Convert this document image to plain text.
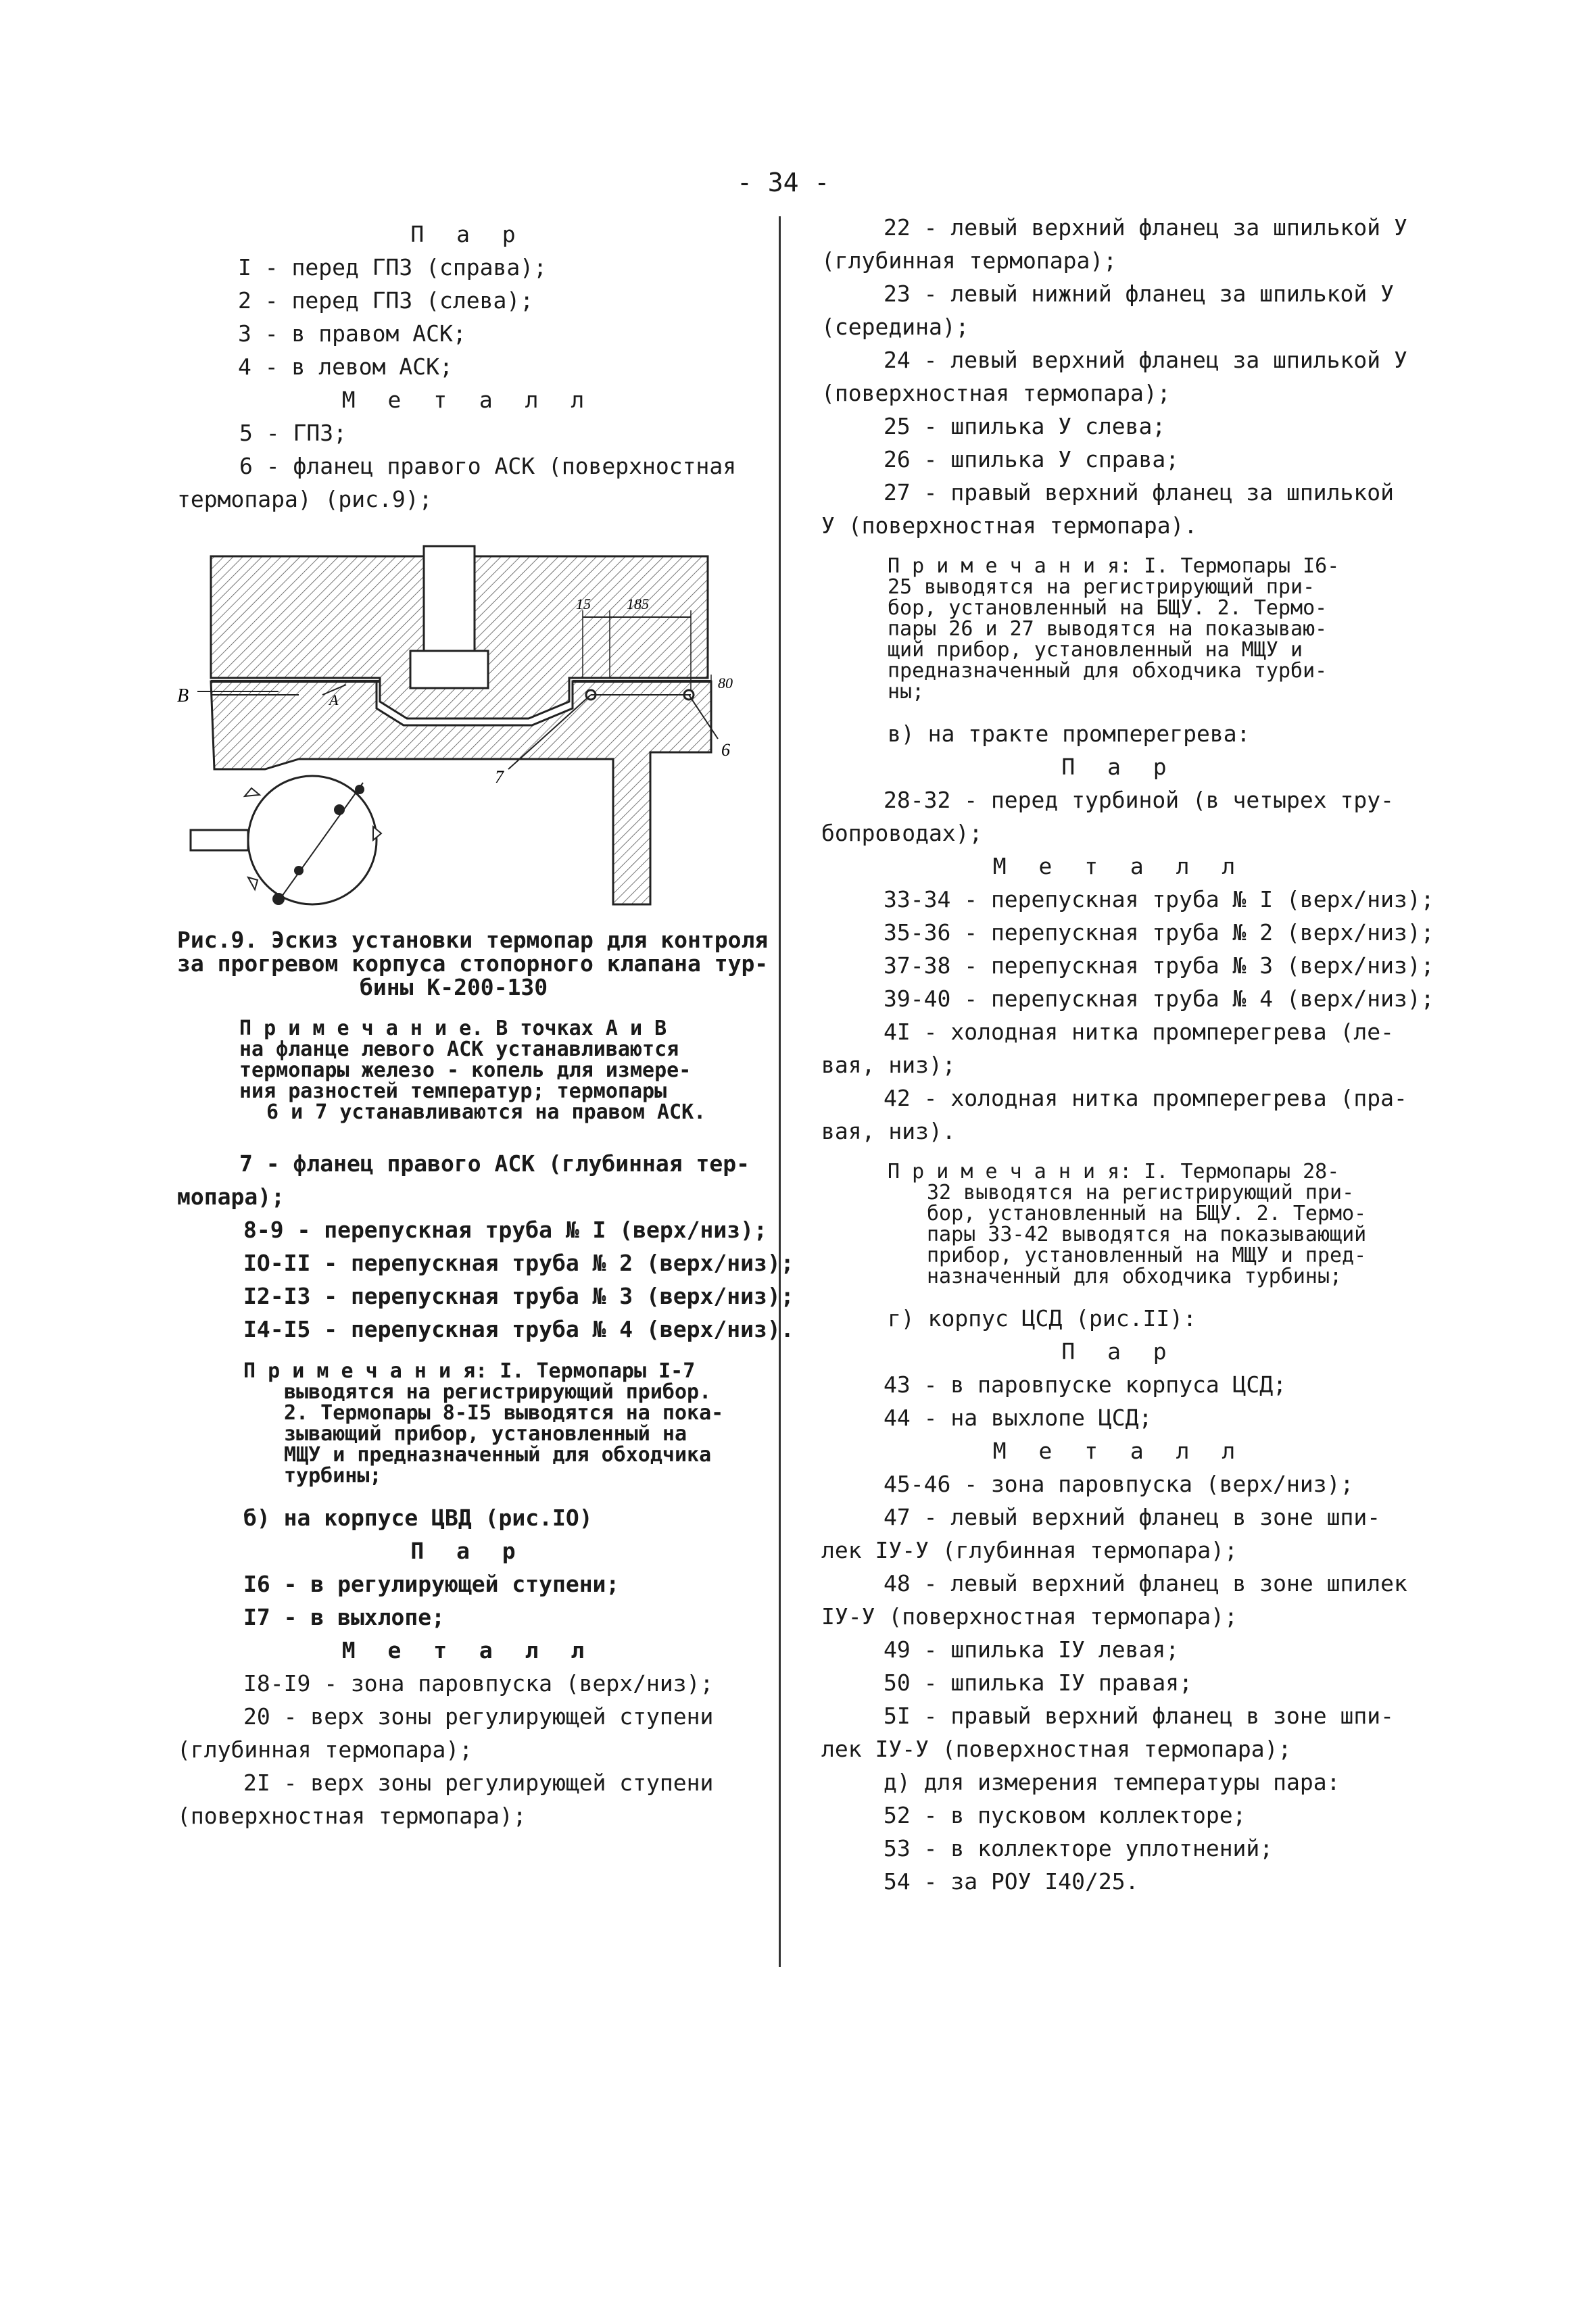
- 34 -
П а р
I - перед ГПЗ (справа);
2 - перед ГПЗ (слева);
3 - в правом АСК;
4 - в левом АСК;
М е т а л л
5 - ГПЗ;
6 - фланец правого АСК (поверхностная
термопара) (рис.9);
В	А
15 185
80
6
7
Рис.9. Эскиз установки термопар для контроля
за прогревом корпуса стопорного клапана тур-
бины К-200-130
П р и м е ч а н и е. В точках А и В
на фланце левого АСК устанавливаются
термопары железо - копель для измере-
ния разностей температур; термопары
6 и 7 устанавливаются на правом АСК.
7 - фланец правого АСК (глубинная тер-
мопара);
8-9 - перепускная труба № I (верх/низ);
IO-II - перепускная труба № 2 (верх/низ);
I2-I3 - перепускная труба № 3 (верх/низ);
I4-I5 - перепускная труба № 4 (верх/низ).
П р и м е ч а н и я: I. Термопары I-7
выводятся на регистрирующий прибор.
2. Термопары 8-I5 выводятся на пока-
зывающий прибор, установленный на
МЩУ и предназначенный для обходчика
турбины;
б) на корпусе ЦВД (рис.IO)
П а р
I6 - в регулирующей ступени;
I7 - в выхлопе;
М е т а л л
I8-I9 - зона паровпуска (верх/низ);
20 - верх зоны регулирующей ступени
(глубинная термопара);
2I - верх зоны регулирующей ступени
(поверхностная термопара);
22 - левый верхний фланец за шпилькой У
(глубинная термопара);
23 - левый нижний фланец за шпилькой У
(середина);
24 - левый верхний фланец за шпилькой У
(поверхностная термопара);
25 - шпилька У слева;
26 - шпилька У справа;
27 - правый верхний фланец за шпилькой
У (поверхностная термопара).
П р и м е ч а н и я: I. Термопары I6-
25 выводятся на регистрирующий при-
бор, установленный на БЩУ. 2. Термо-
пары 26 и 27 выводятся на показываю-
щий прибор, установленный на МЩУ и
предназначенный для обходчика турби-
ны;
в) на тракте промперегрева:
П а р
28-32 - перед турбиной (в четырех тру-
бопроводах);
М е т а л л
33-34 - перепускная труба № I (верх/низ);
35-36 - перепускная труба № 2 (верх/низ);
37-38 - перепускная труба № 3 (верх/низ);
39-40 - перепускная труба № 4 (верх/низ);
4I - холодная нитка промперегрева (ле-
вая, низ);
42 - холодная нитка промперегрева (пра-
вая, низ).
П р и м е ч а н и я: I. Термопары 28-
32 выводятся на регистрирующий при-
бор, установленный на БЩУ. 2. Термо-
пары 33-42 выводятся на показывающий
прибор, установленный на МЩУ и пред-
назначенный для обходчика турбины;
г) корпус ЦСД (рис.II):
П а р
43 - в паровпуске корпуса ЦСД;
44 - на выхлопе ЦСД;
М е т а л л
45-46 - зона паровпуска (верх/низ);
47 - левый верхний фланец в зоне шпи-
лек IУ-У (глубинная термопара);
48 - левый верхний фланец в зоне шпилек
IУ-У (поверхностная термопара);
49 - шпилька IУ левая;
50 - шпилька IУ правая;
5I - правый верхний фланец в зоне шпи-
лек IУ-У (поверхностная термопара);
д) для измерения температуры пара:
52 - в пусковом коллекторе;
53 - в коллекторе уплотнений;
54 - за РОУ I40/25.
